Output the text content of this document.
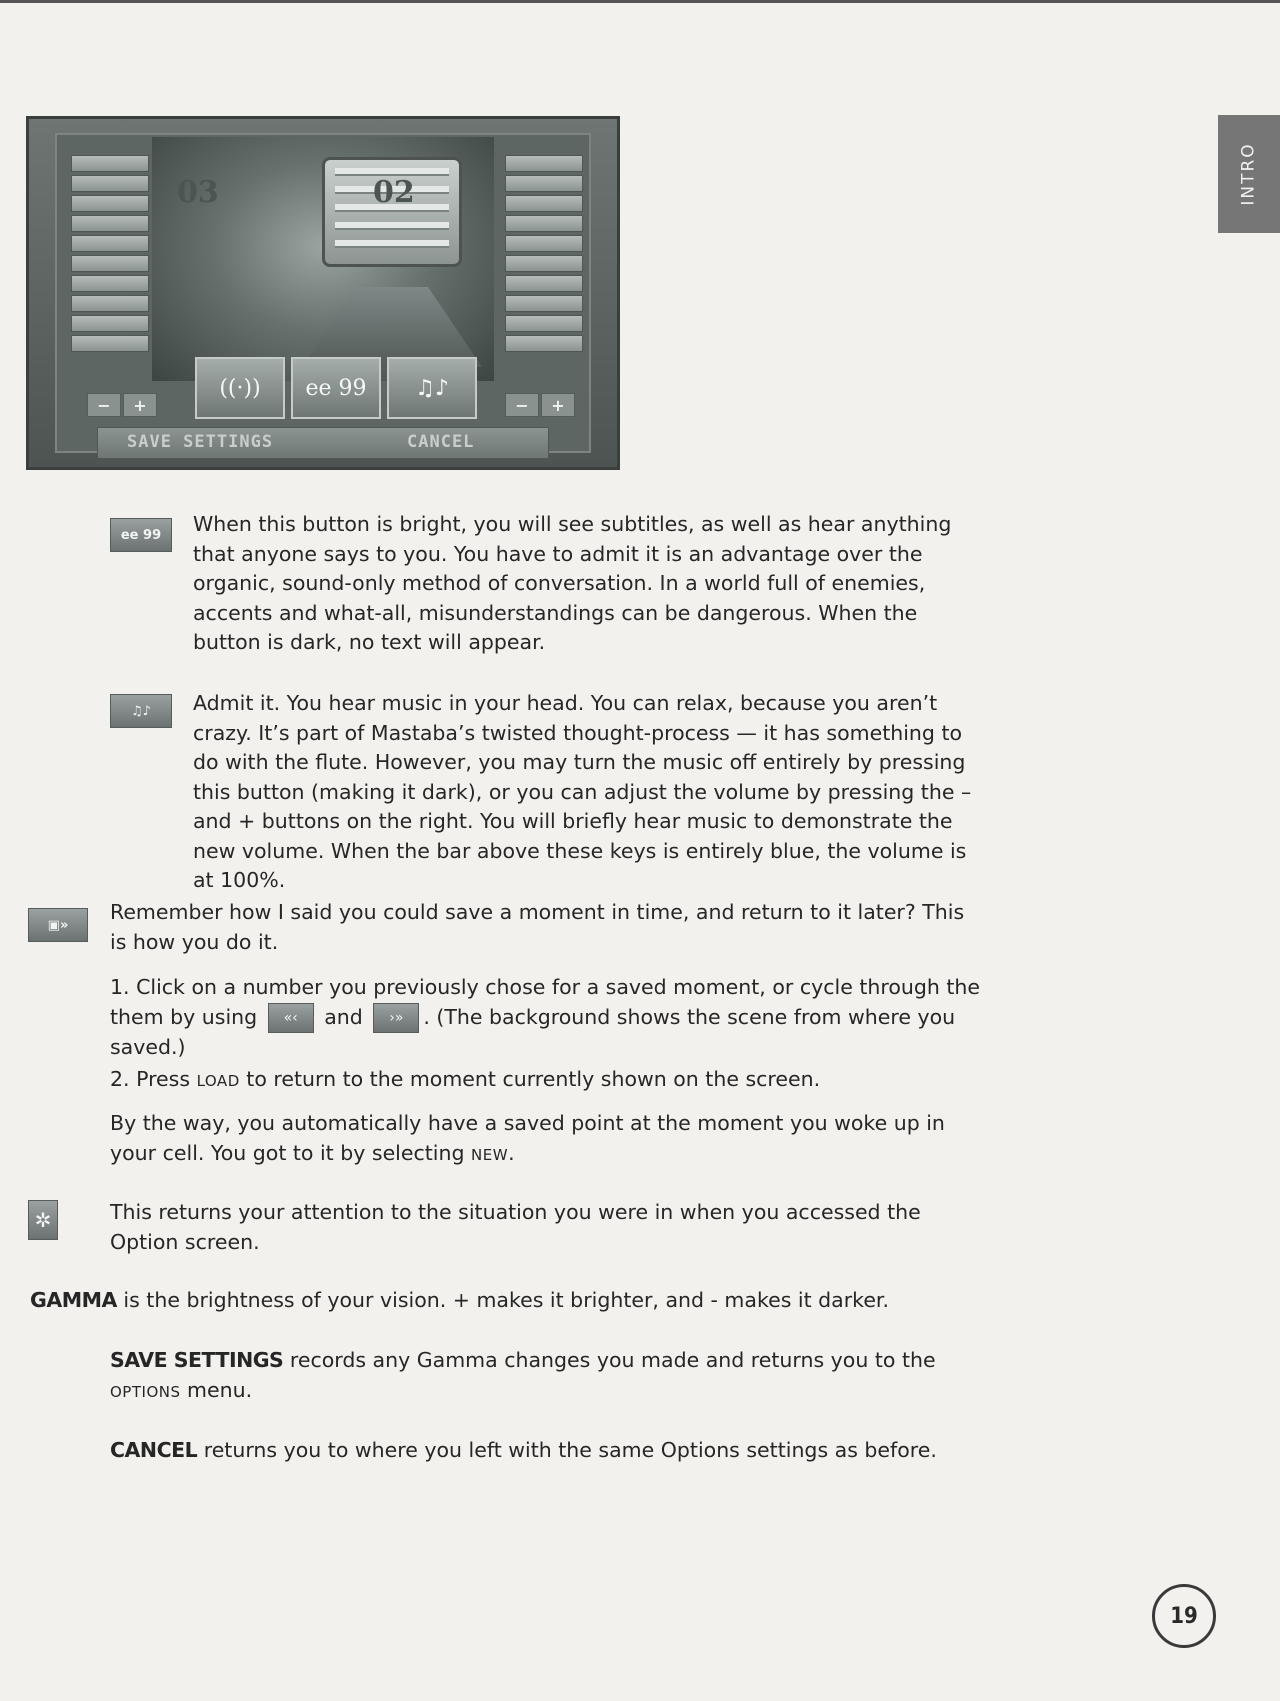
03	02
−	+	−	+
((·))	ee 99	♫♪
SAVE SETTINGS	CANCEL
INTRO
ee 99	When this button is bright, you will see subtitles, as well as hear anything that anyone says to you. You have to admit it is an advantage over the organic, sound-only method of conversation. In a world full of enemies, accents and what-all, misunderstandings can be dangerous. When the button is dark, no text will appear.

♫♪	Admit it. You hear music in your head. You can relax, because you aren’t crazy. It’s part of Mastaba’s twisted thought-process — it has something to do with the flute. However, you may turn the music off entirely by pressing this button (making it dark), or you can adjust the volume by pressing the – and + buttons on the right. You will briefly hear music to demonstrate the new volume. When the bar above these keys is entirely blue, the volume is at 100%.

▣»

Remember how I said you could save a moment in time, and return to it later? This is how you do it.

1. Click on a number you previously chose for a saved moment, or cycle through the them by using «‹ and ›» . (The background shows the scene from where you saved.)

2. Press LOAD to return to the moment currently shown on the screen.

By the way, you automatically have a saved point at the moment you woke up in your cell. You got to it by selecting NEW.

✲	This returns your attention to the situation you were in when you accessed the Option screen.

GAMMA is the brightness of your vision. + makes it brighter, and - makes it darker.

SAVE SETTINGS records any Gamma changes you made and returns you to the
OPTIONS menu.

CANCEL returns you to where you left with the same Options settings as before.

19
